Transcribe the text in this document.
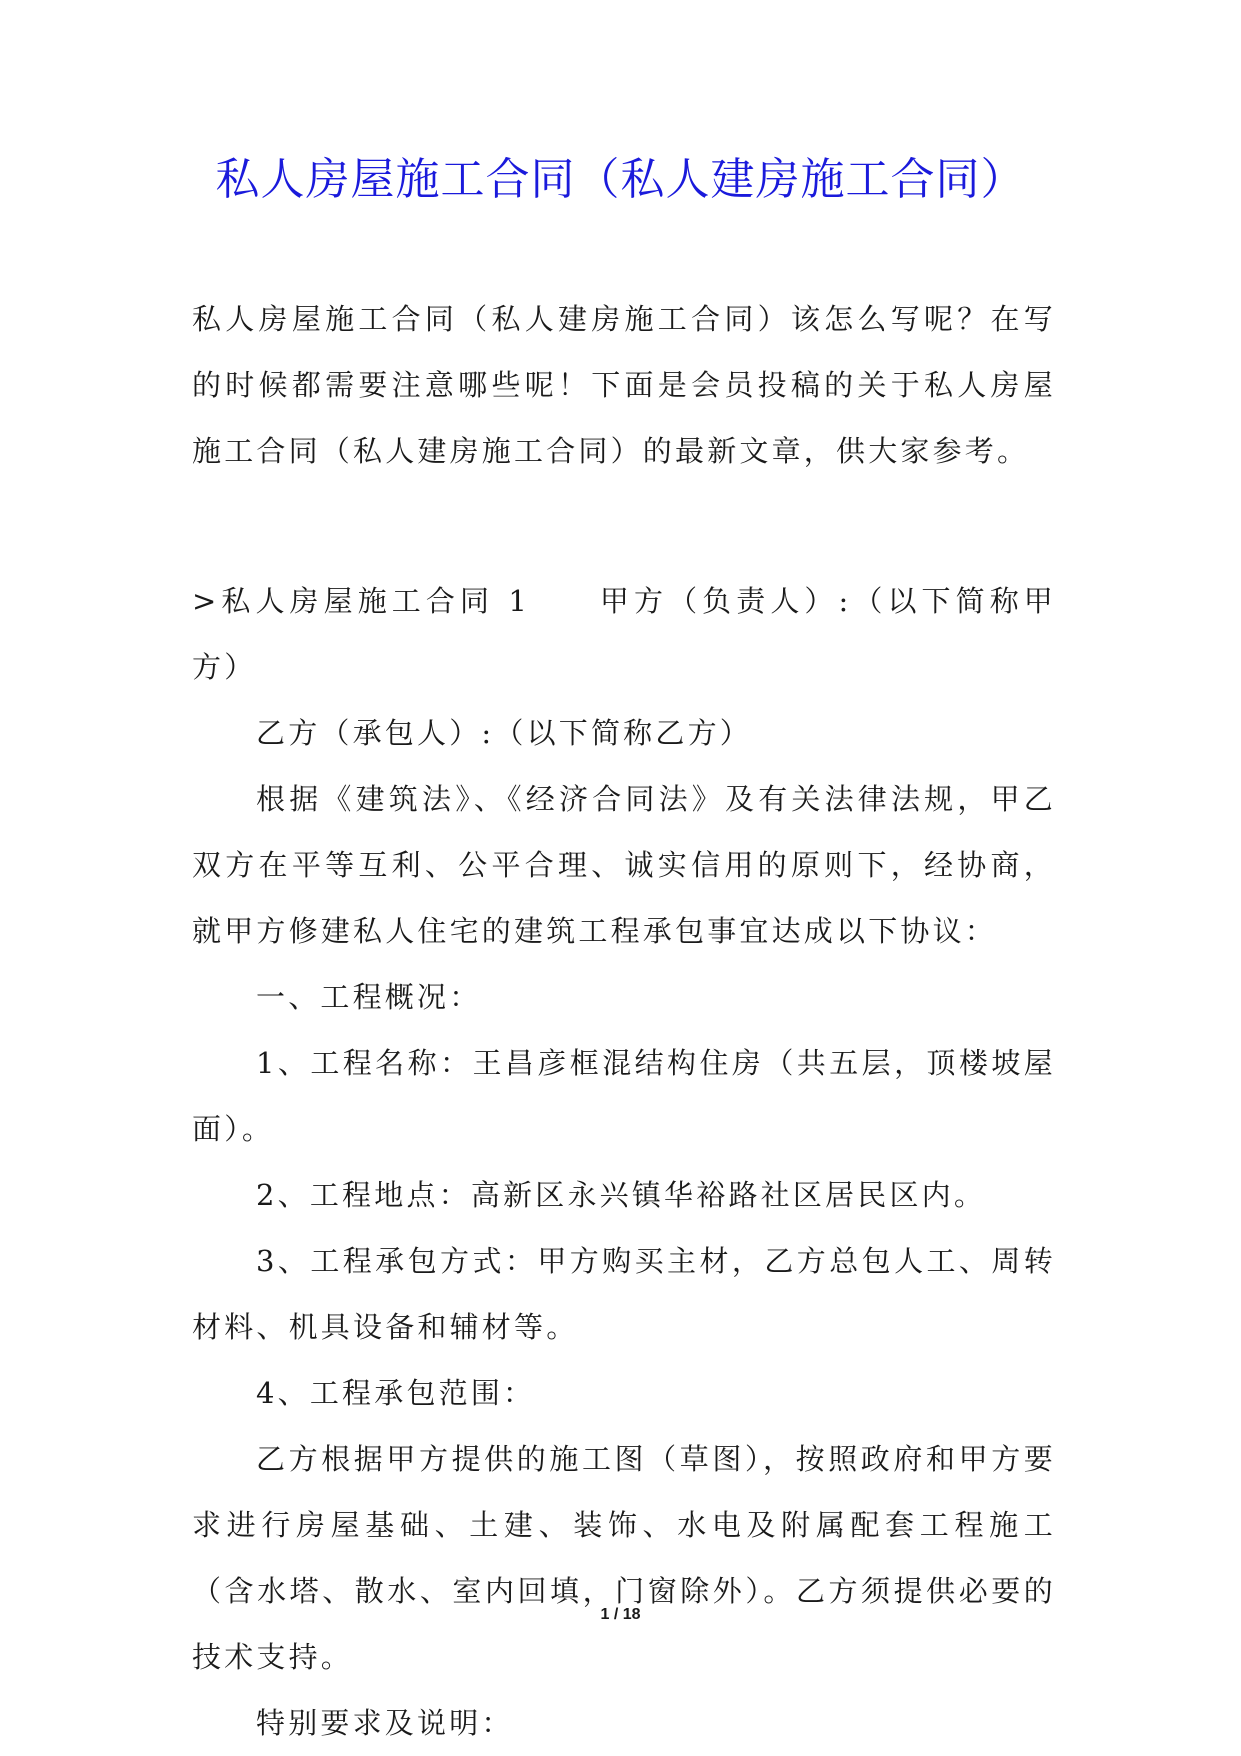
私人房屋施工合同（私人建房施工合同）

私人房屋施工合同（私人建房施工合同）该怎么写呢？在写的时候都需要注意哪些呢！下面是会员投稿的关于私人房屋施工合同（私人建房施工合同）的最新文章，供大家参考。

>私人房屋施工合同 1 甲方（负责人）:（以下简称甲方）

乙方（承包人）:（以下简称乙方）

根据《建筑法》、《经济合同法》及有关法律法规，甲乙双方在平等互利、公平合理、诚实信用的原则下，经协商，就甲方修建私人住宅的建筑工程承包事宜达成以下协议：

一、工程概况：

1、工程名称：王昌彦框混结构住房（共五层，顶楼坡屋面）。

2、工程地点：高新区永兴镇华裕路社区居民区内。

3、工程承包方式：甲方购买主材，乙方总包人工、周转材料、机具设备和辅材等。

4、工程承包范围：

乙方根据甲方提供的施工图（草图），按照政府和甲方要求进行房屋基础、土建、装饰、水电及附属配套工程施工（含水塔、散水、室内回填，门窗除外）。乙方须提供必要的技术支持。

特别要求及说明：

1 / 18
